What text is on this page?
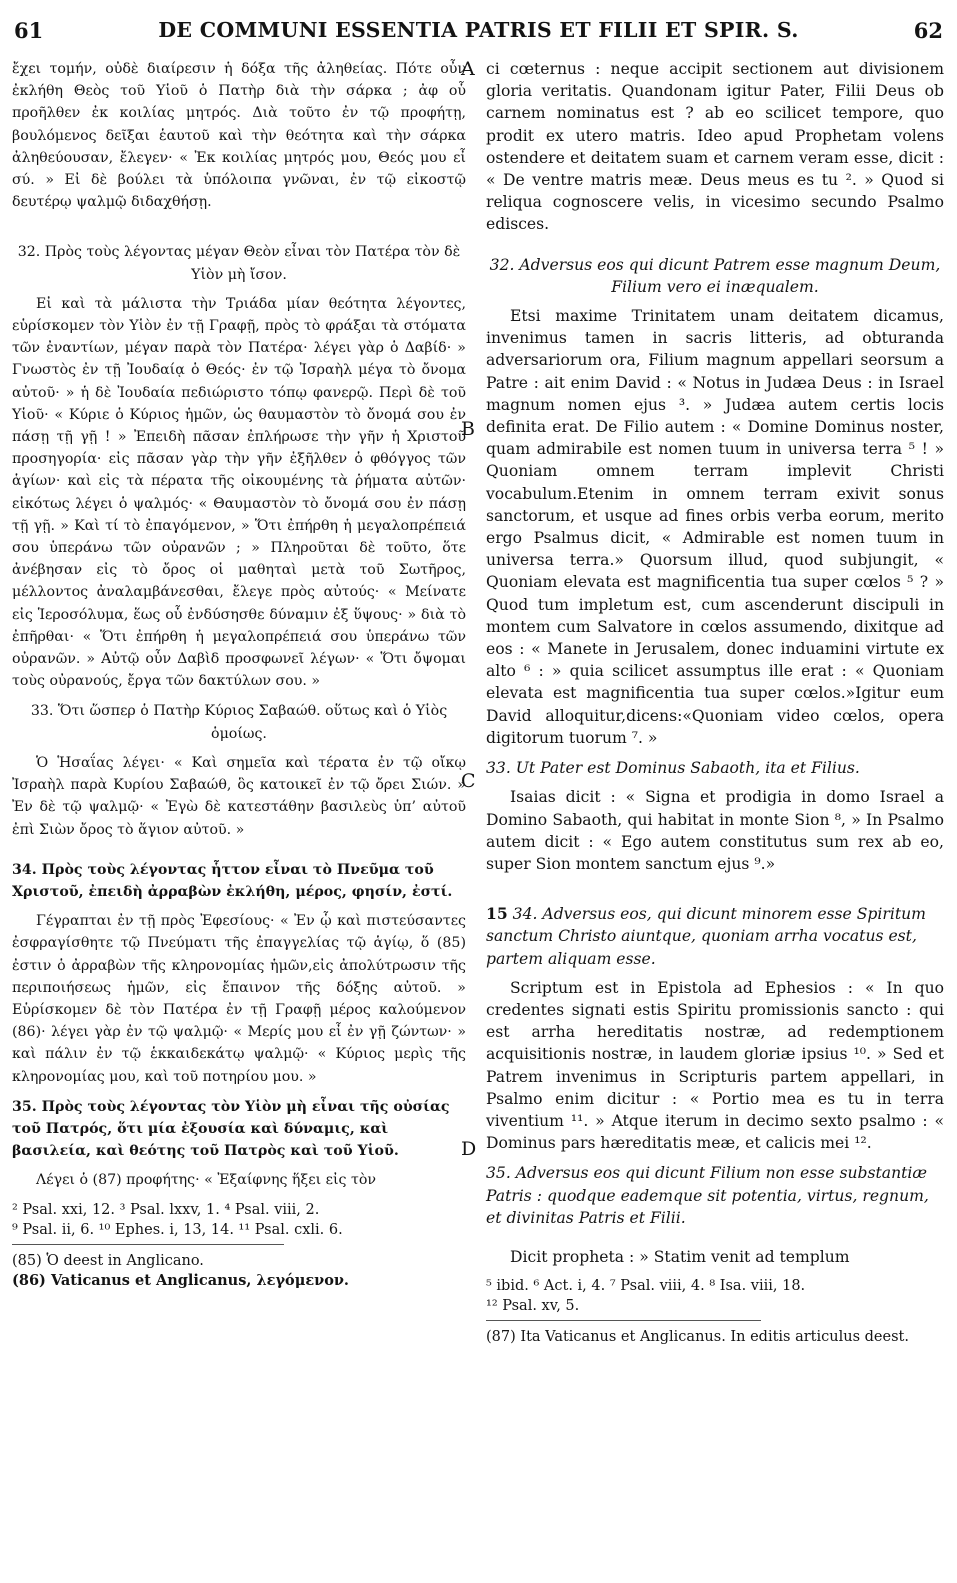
61	DE COMMUNI ESSENTIA PATRIS ET FILII ET SPIR. S.	62
A
B
C
D

ἔχει τομήν, οὐδὲ διαίρεσιν ἡ δόξα τῆς ἀληθείας. Πότε οὖν ἐκλήθη Θεὸς τοῦ Υἱοῦ ὁ Πατὴρ διὰ τὴν σάρκα ; ἀφ οὗ προῆλθεν ἐκ κοιλίας μητρός. Διὰ τοῦτο ἐν τῷ προφήτῃ, βουλόμενος δεῖξαι ἑαυτοῦ καὶ τὴν θεότητα καὶ τὴν σάρκα ἀληθεύουσαν, ἔλεγεν· « Ἐκ κοιλίας μητρός μου, Θεός μου εἶ σύ. » Εἰ δὲ βούλει τὰ ὑπόλοιπα γνῶναι, ἐν τῷ εἰκοστῷ δευτέρῳ ψαλμῷ διδαχθήσῃ.

32. Πρὸς τοὺς λέγοντας μέγαν Θεὸν εἶναι τὸν Πατέρα τὸν δὲ Υἱὸν μὴ ἴσον.

Εἰ καὶ τὰ μάλιστα τὴν Τριάδα μίαν θεότητα λέγοντες, εὑρίσκομεν τὸν Υἱὸν ἐν τῇ Γραφῇ, πρὸς τὸ φράξαι τὰ στόματα τῶν ἐναντίων, μέγαν παρὰ τὸν Πατέρα· λέγει γὰρ ὁ Δαβίδ· » Γνωστὸς ἐν τῇ Ἰουδαίᾳ ὁ Θεός· ἐν τῷ Ἰσραὴλ μέγα τὸ ὄνομα αὐτοῦ· » ἡ δὲ Ἰουδαία πεδιώριστο τόπῳ φανερῷ. Περὶ δὲ τοῦ Υἱοῦ· « Κύριε ὁ Κύριος ἡμῶν, ὡς θαυμαστὸν τὸ ὄνομά σου ἐν πάσῃ τῇ γῇ ! » Ἐπειδὴ πᾶσαν ἐπλήρωσε τὴν γῆν ἡ Χριστοῦ προσηγορία· εἰς πᾶσαν γὰρ τὴν γῆν ἐξῆλθεν ὁ φθόγγος τῶν ἁγίων· καὶ εἰς τὰ πέρατα τῆς οἰκουμένης τὰ ῥήματα αὐτῶν· εἰκότως λέγει ὁ ψαλμός· « Θαυμαστὸν τὸ ὄνομά σου ἐν πάσῃ τῇ γῇ. » Καὶ τί τὸ ἐπαγόμενον, » Ὅτι ἐπήρθη ἡ μεγαλοπρέπειά σου ὑπεράνω τῶν οὐρανῶν ; » Πληροῦται δὲ τοῦτο, ὅτε ἀνέβησαν εἰς τὸ ὄρος οἱ μαθηταὶ μετὰ τοῦ Σωτῆρος, μέλλοντος ἀναλαμβάνεσθαι, ἔλεγε πρὸς αὐτούς· « Μείνατε εἰς Ἱεροσόλυμα, ἕως οὗ ἐνδύσησθε δύναμιν ἐξ ὕψους· » διὰ τὸ ἐπῆρθαι· « Ὅτι ἐπήρθη ἡ μεγαλοπρέπειά σου ὑπεράνω τῶν οὐρανῶν. » Αὐτῷ οὖν Δαβὶδ προσφωνεῖ λέγων· « Ὅτι ὄψομαι τοὺς οὐρανούς, ἔργα τῶν δακτύλων σου. »

33. Ὅτι ὥσπερ ὁ Πατὴρ Κύριος Σαβαώθ. οὕτως καὶ ὁ Υἱὸς ὁμοίως.

Ὁ Ἡσαΐας λέγει· « Καὶ σημεῖα καὶ τέρατα ἐν τῷ οἴκῳ Ἰσραὴλ παρὰ Κυρίου Σαβαώθ, ὃς κατοικεῖ ἐν τῷ ὄρει Σιών. » Ἐν δὲ τῷ ψαλμῷ· « Ἐγὼ δὲ κατεστάθην βασιλεὺς ὑπ’ αὐτοῦ ἐπὶ Σιὼν ὄρος τὸ ἅγιον αὐτοῦ. »

34. Πρὸς τοὺς λέγοντας ἧττον εἶναι τὸ Πνεῦμα τοῦ Χριστοῦ, ἐπειδὴ ἀρραβὼν ἐκλήθη, μέρος, φησίν, ἐστί.

Γέγραπται ἐν τῇ πρὸς Ἐφεσίους· « Ἐν ᾧ καὶ πιστεύσαντες ἐσφραγίσθητε τῷ Πνεύματι τῆς ἐπαγγελίας τῷ ἁγίῳ, ὅ (85) ἐστιν ὁ ἀρραβὼν τῆς κληρονομίας ἡμῶν,εἰς ἀπολύτρωσιν τῆς περιποιήσεως ἡμῶν, εἰς ἔπαινον τῆς δόξης αὐτοῦ. » Εὑρίσκομεν δὲ τὸν Πατέρα ἐν τῇ Γραφῇ μέρος καλούμενον (86)· λέγει γὰρ ἐν τῷ ψαλμῷ· « Μερίς μου εἶ ἐν γῇ ζώντων· » καὶ πάλιν ἐν τῷ ἑκκαιδεκάτῳ ψαλμῷ· « Κύριος μερὶς τῆς κληρονομίας μου, καὶ τοῦ ποτηρίου μου. »

35. Πρὸς τοὺς λέγοντας τὸν Υἱὸν μὴ εἶναι τῆς οὐσίας τοῦ Πατρός, ὅτι μία ἐξουσία καὶ δύναμις, καὶ βασιλεία, καὶ θεότης τοῦ Πατρὸς καὶ τοῦ Υἱοῦ.

Λέγει ὁ (87) προφήτης· « Ἐξαίφνης ἥξει εἰς τὸν

² Psal. xxi, 12. ³ Psal. lxxv, 1. ⁴ Psal. viii, 2.

⁹ Psal. ii, 6. ¹⁰ Ephes. i, 13, 14. ¹¹ Psal. cxli. 6.

(85) Ὁ deest in Anglicano.

(86) Vaticanus et Anglicanus, λεγόμενον.

ci cœternus : neque accipit sectionem aut divisionem gloria veritatis. Quandonam igitur Pater, Filii Deus ob carnem nominatus est ? ab eo scilicet tempore, quo prodit ex utero matris. Ideo apud Prophetam volens ostendere et deitatem suam et carnem veram esse, dicit : « De ventre matris meæ. Deus meus es tu ². » Quod si reliqua cognoscere velis, in vicesimo secundo Psalmo edisces.

32. Adversus eos qui dicunt Patrem esse magnum Deum, Filium vero ei inæqualem.

Etsi maxime Trinitatem unam deitatem dicamus, invenimus tamen in sacris litteris, ad obturanda adversariorum ora, Filium magnum appellari seorsum a Patre : ait enim David : « Notus in Judæa Deus : in Israel magnum nomen ejus ³. » Judæa autem certis locis definita erat. De Filio autem : « Domine Dominus noster, quam admirabile est nomen tuum in universa terra ⁵ ! » Quoniam omnem terram implevit Christi vocabulum.Etenim in omnem terram exivit sonus sanctorum, et usque ad fines orbis verba eorum, merito ergo Psalmus dicit, « Admirable est nomen tuum in universa terra.» Quorsum illud, quod subjungit, « Quoniam elevata est magnificentia tua super cœlos ⁵ ? » Quod tum impletum est, cum ascenderunt discipuli in montem cum Salvatore in cœlos assumendo, dixitque ad eos : « Manete in Jerusalem, donec induamini virtute ex alto ⁶ : » quia scilicet assumptus ille erat : « Quoniam elevata est magnificentia tua super cœlos.»Igitur eum David alloquitur,dicens:«Quoniam video cœlos, opera digitorum tuorum ⁷. »

33. Ut Pater est Dominus Sabaoth, ita et Filius.

Isaias dicit : « Signa et prodigia in domo Israel a Domino Sabaoth, qui habitat in monte Sion ⁸, » In Psalmo autem dicit : « Ego autem constitutus sum rex ab eo, super Sion montem sanctum ejus ⁹.»

15 34. Adversus eos, qui dicunt minorem esse Spiritum sanctum Christo aiuntque, quoniam arrha vocatus est, partem aliquam esse.

Scriptum est in Epistola ad Ephesios : « In quo credentes signati estis Spiritu promissionis sancto : qui est arrha hereditatis nostræ, ad redemptionem acquisitionis nostræ, in laudem gloriæ ipsius ¹⁰. » Sed et Patrem invenimus in Scripturis partem appellari, in Psalmo enim dicitur : « Portio mea es tu in terra viventium ¹¹. » Atque iterum in decimo sexto psalmo : « Dominus pars hæreditatis meæ, et calicis mei ¹².

35. Adversus eos qui dicunt Filium non esse substantiæ Patris : quodque eademque sit potentia, virtus, regnum, et divinitas Patris et Filii.

Dicit propheta : » Statim venit ad templum

⁵ ibid. ⁶ Act. i, 4. ⁷ Psal. viii, 4. ⁸ Isa. viii, 18.

¹² Psal. xv, 5.

(87) Ita Vaticanus et Anglicanus. In editis articulus deest.
